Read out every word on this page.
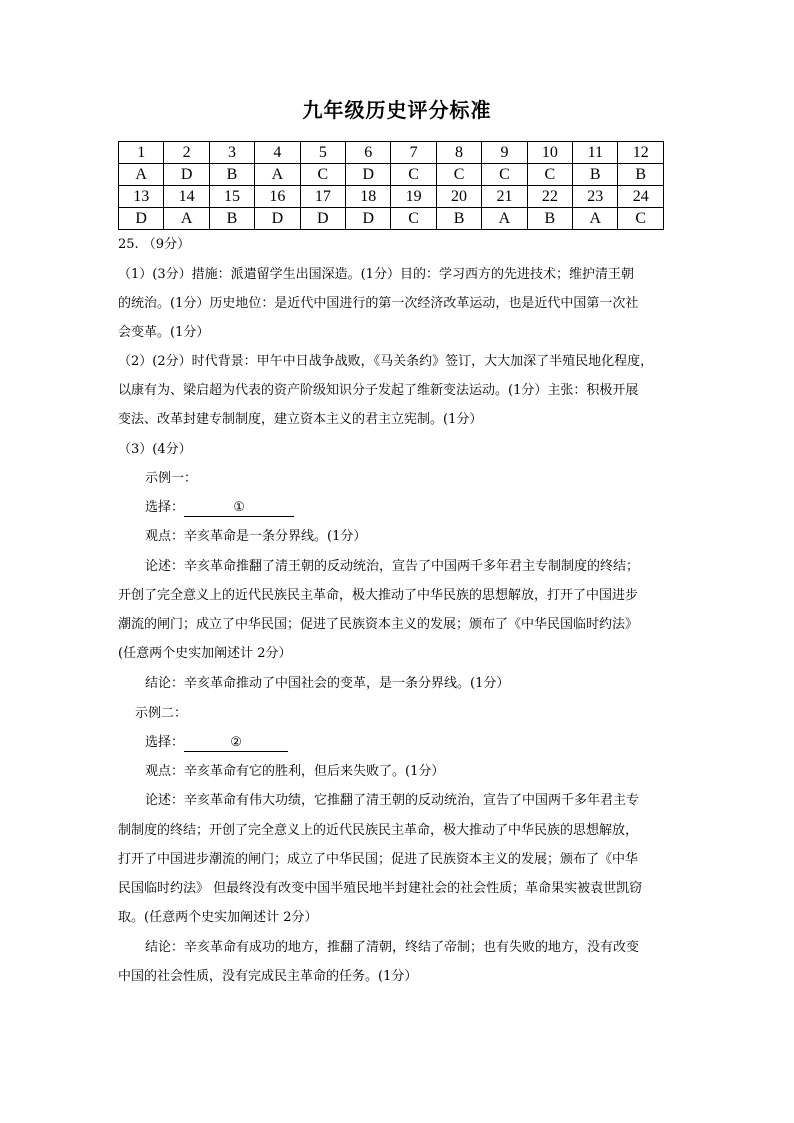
九年级历史评分标准
1	2	3	4	5	6	7	8	9	10	11	12
A	D	B	A	C	D	C	C	C	C	B	B
13	14	15	16	17	18	19	20	21	22	23	24
D	A	B	D	D	D	C	B	A	B	A	C
25. （9分）
（1）(3分）措施：派遣留学生出国深造。(1分）目的：学习西方的先进技术；维护清王朝
的统治。(1分）历史地位：是近代中国进行的第一次经济改革运动，也是近代中国第一次社
会变革。(1分）
（2）(2分）时代背景：甲午中日战争战败，《马关条约》签订，大大加深了半殖民地化程度，
以康有为、梁启超为代表的资产阶级知识分子发起了维新变法运动。(1分）主张：积极开展
变法、改革封建专制制度，建立资本主义的君主立宪制。(1分）
（3）(4分）
示例一：
选择：	①
观点：辛亥革命是一条分界线。(1分）
论述：辛亥革命推翻了清王朝的反动统治，宣告了中国两千多年君主专制制度的终结；
开创了完全意义上的近代民族民主革命，极大推动了中华民族的思想解放，打开了中国进步
潮流的闸门；成立了中华民国；促进了民族资本主义的发展；颁布了《中华民国临时约法》
(任意两个史实加阐述计 2分）
结论：辛亥革命推动了中国社会的变革，是一条分界线。(1分）
示例二：
选择：	②
观点：辛亥革命有它的胜利，但后来失败了。(1分）
论述：辛亥革命有伟大功绩，它推翻了清王朝的反动统治，宣告了中国两千多年君主专
制制度的终结；开创了完全意义上的近代民族民主革命，极大推动了中华民族的思想解放，
打开了中国进步潮流的闸门；成立了中华民国；促进了民族资本主义的发展；颁布了《中华
民国临时约法》 但最终没有改变中国半殖民地半封建社会的社会性质；革命果实被袁世凯窃
取。(任意两个史实加阐述计 2分）
结论：辛亥革命有成功的地方，推翻了清朝，终结了帝制；也有失败的地方，没有改变
中国的社会性质，没有完成民主革命的任务。(1分）
